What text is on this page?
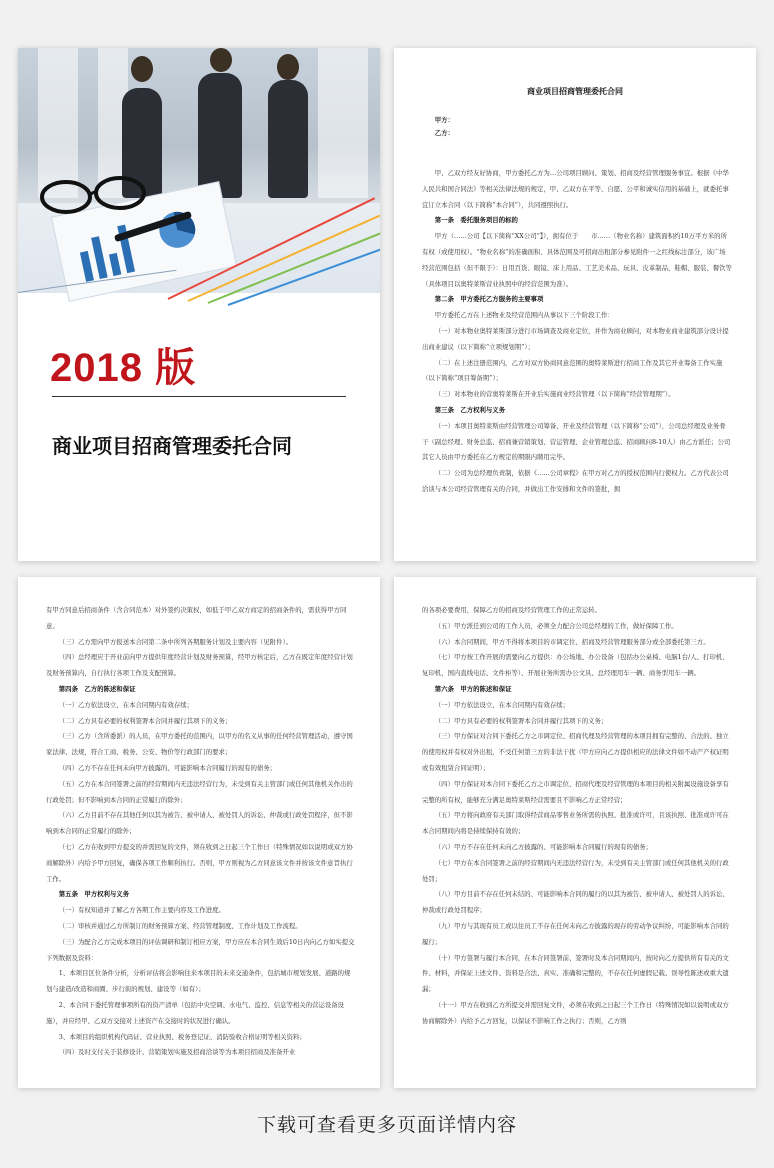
2018 版
商业项目招商管理委托合同
商业项目招商管理委托合同

甲方：

乙方：

甲、乙双方经友好协商，甲方委托乙方为…公司项目顾问、策划、招商及经营管理服务事宜。根据《中华人民共和国合同法》等相关法律法规的规定，甲、乙双方在平等、自愿、公平和诚实信用的基础上，就委托事宜订立本合同（以下简称“本合同”），共同遵照执行。

第一条　委托服务项目的标的

甲方（……公司【以下简称“XX公司”】），拥有位于　　市……（物业名称）建筑面积约10万平方米的所有权（或使用权）。“物业名称”的准确面积、具体范围及可招商出租部分参见附件一之红线标注部分，该广场经营范围包括（但不限于）：日用百货、眼镜、床上用品、工艺美术品、玩具、皮革制品、鞋帽、服装、餐饮等（具体项目以奥特莱斯营业执照中的经营范围为准）。

第二条　甲方委托乙方服务的主要事项

甲方委托乙方在上述物业及经营范围内从事以下三个阶段工作：

（一）对本物业奥特莱斯部分进行市场调查及商业定位，并作为商业顾问，对本物业商业建筑部分设计提出商业建议（以下简称“立项规划期”）；

（二）在上述注册范围内，乙方对双方协商同意范围的奥特莱斯进行招商工作及其它开业筹备工作实施（以下简称“项目筹备期”）；

（三）对本物业的营奥特莱斯在开业后实施商业经营管理（以下简称“经营管理期”）。

第三条　乙方权利与义务

（一）本项目奥特莱斯由经营管理公司筹备、开业及经营管理（以下简称“公司”），公司总经理及业务骨干（副总经理、财务总监、招商兼营销策划、营运管理、企业管理总监、招商顾问8-10人）由乙方派任；公司其它人员由甲方委托在乙方规定的期限内聘用完毕。

（二）公司为总经理负责制，依据《……公司章程》在甲方对乙方的授权范围内行使权力。乙方代表公司洽谈与本公司经营管理有关的合同，并做出工作安排和文件的签批，拥

有甲方同意后招商条件（含合同范本）对外签约决策权，如低于甲乙双方商定的招商条件的，需获得甲方同意。

（三）乙方需向甲方报送本合同第二条中所列各期服务计划及主要内容（见附件）。

（四）总经理应于开业前向甲方提供年度经营计划及财务预算，经甲方核定后，乙方在既定年度经营计划及财务预算内，自行执行各项工作及支配预算。

第四条　乙方的陈述和保证

（一）乙方依法设立、在本合同期内有效存续；

（二）乙方具有必要的权利签署本合同并履行其项下的义务；

（三）乙方（含所委派）的人员，在甲方委托的范围内，以甲方的名义从事的任何经营管理活动，遵守国家法律、法规，符合工商、税务、公安、物价等行政部门的要求；

（四）乙方不存在任何未向甲方披露的、可能影响本合同履行的现有的债务；

（五）乙方在本合同签署之前的经营期间内无违法经营行为，未受到有关主管部门或任何其他机关作出的行政处罚；但不影响到本合同的正常履行的除外；

（六）乙方目前不存在其他任何以其为被告、被申请人、被处罚人的诉讼、仲裁或行政处罚程序，但不影响到本合同的正常履行的除外；

（七）乙方在收到甲方提交的并需回复的文件，须在收到之日起三个工作日（特殊情况如以说明或双方协商解除外）内给予甲方回复，确保各项工作顺利执行。否则，甲方则视为乙方同意该文件并按该文件意旨执行工作。

第五条　甲方权利与义务

（一）有权知道并了解乙方各期工作主要内容及工作进度。

（二）审核并通过乙方所制订的财务预算方案、经营管理制度、工作计划及工作流程。

（三）为配合乙方完成本项目的评估调研和制订相应方案，甲方应在本合同生效后10日内向乙方如实提交下列数据及资料：

1、本项目区位条件分析，分析评估将会影响往来本项目的未来交通条件，包括城市规划发展、道路的规划与建造/改造和商圈、步行街的规划、建设等（如有）；

2、本合同下委托管理事项所有的资产清单（包括中央空调、水电气、监控、信息等相关的营运设备设施），并应经甲、乙双方交接对上述资产在交接时的状况进行确认。

3、本项目的组织机构代码证、营业执照、税务登记证、消防验收合格证明等相关资料；

（四）及时支付关于装修设计、营销策划实施及招商洽谈等为本项目招商及准备开业

的各项必要费用，保障乙方的招商及经营管理工作的正常运转。

（五）甲方派任到公司的工作人员，必须全力配合公司总经理的工作，做好保障工作。

（六）本合同期间，甲方不得将本项目的市调定位、招商及经营管理服务部分或全部委托第三方。

（七）甲方按工作开展的需要向乙方提供：办公场地、办公设备（包括办公桌椅、电脑1台/人、打印机、复印机、国内直线电话、文件柜等）、开展业务所需办公文具、总经理用车一辆、商务型用车一辆。

第六条　甲方的陈述和保证

（一）甲方依法设立、在本合同期内有效存续；

（二）甲方具有必要的权利签署本合同并履行其项下的义务；

（三）甲方保证对合同下委托乙方之市调定位、招商代理及经营管理的本项目拥有完整的、合法的、独立的使用权并有权对外出租，不受任何第三方的非法干扰（甲方应向乙方提供相应的法律文件如不动产产权证明或有效租赁合同证明）；

（四）甲方保证对本合同下委托乙方之市调定位、招商代理及经营管理的本项目的相关附属设施设备享有完整的所有权，能够充分满足奥特莱斯经营需要且不影响乙方正常经营；

（五）甲方将向政府有关部门取得经营商品零售业务所需的执照、批准或许可，且该执照、批准或许可在本合同期间内将是持续保持有效的；

（六）甲方不存在任何未向乙方披露的、可能影响本合同履行的现有的债务；

（七）甲方在本合同签署之前的经营期间内无违法经营行为，未受到有关主管部门或任何其他机关的行政处罚；

（八）甲方目前不存在任何未结的、可能影响本合同的履行的以其为被告、被申请人、被处罚人的诉讼、仲裁或行政处罚程序；

（九）甲方与其现有员工或以往员工不存在任何未向乙方披露的现存的劳动争议纠纷，可能影响本合同的履行；

（十）甲方签署与履行本合同，在本合同签署前、签署时及本合同期间内，按时向乙方提供所有有关的文件、材料，并保证上述文件、资料是合法、真实、准确和完整的，不存在任何虚假记载、误导性陈述或重大遗漏；

（十一）甲方在收到乙方所提交并需回复文件，必须在收到之日起三个工作日（特殊情况如以说明或双方协商解除外）内给予乙方回复，以保证不影响工作之执行；否则，乙方则

下载可查看更多页面详情内容
